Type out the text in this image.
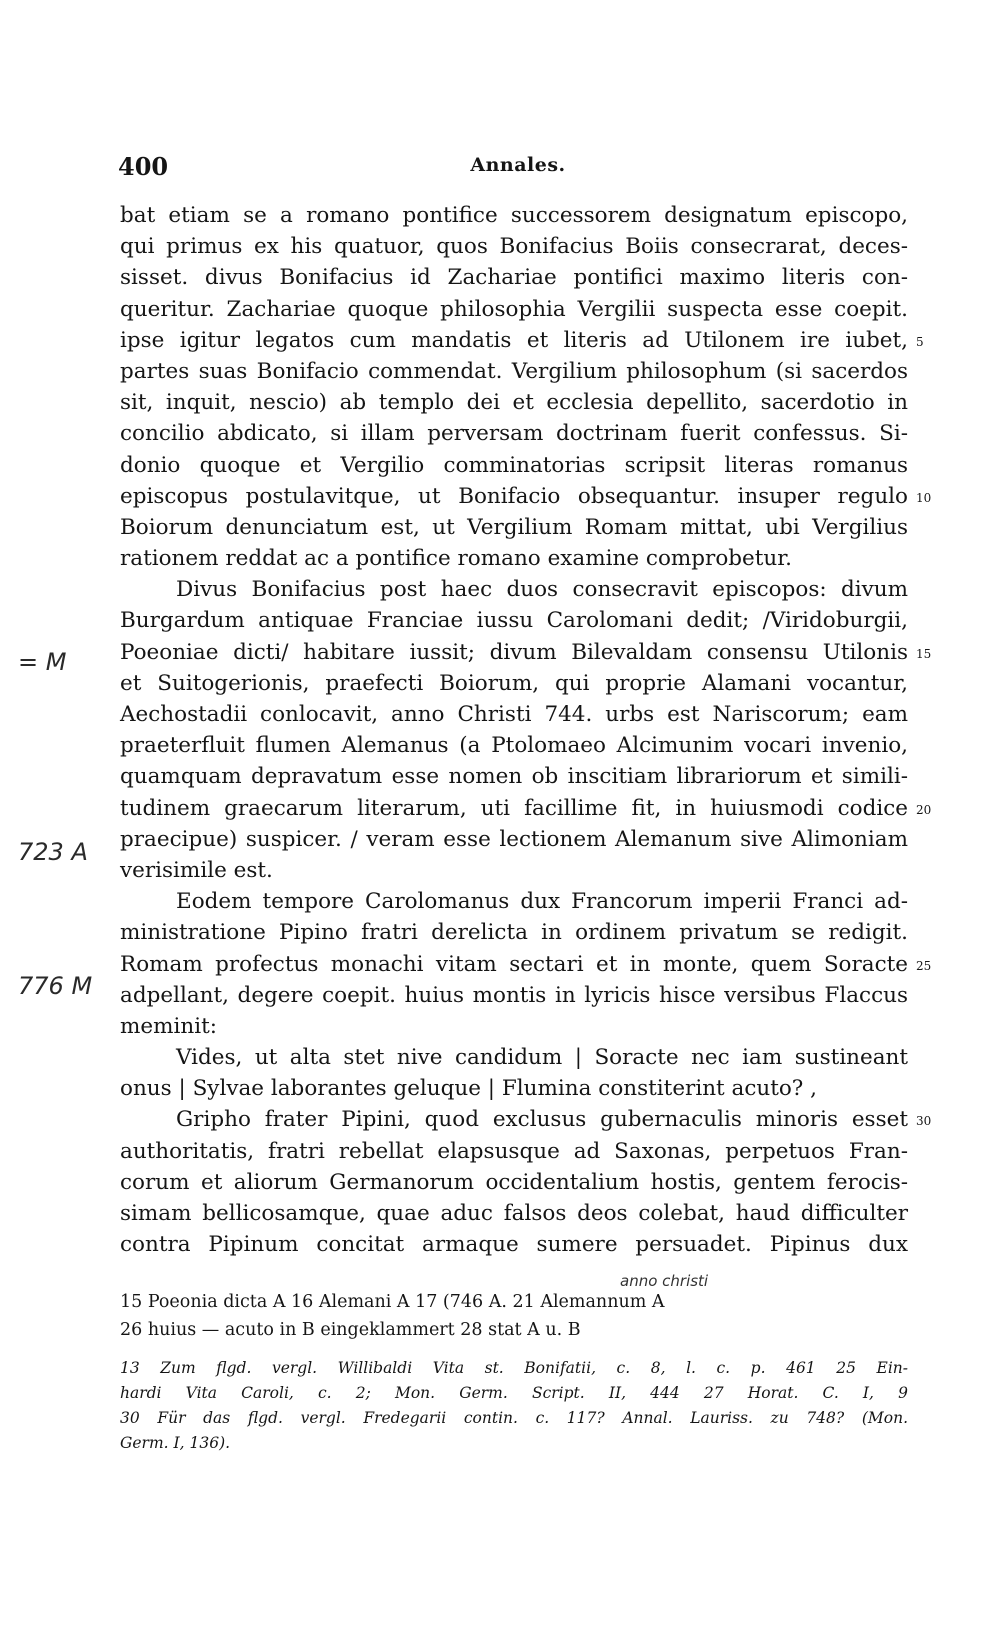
400	Annales.
bat etiam se a romano pontifice successorem designatum episcopo,
qui primus ex his quatuor, quos Bonifacius Boiis consecrarat, deces-
sisset. divus Bonifacius id Zachariae pontifici maximo literis con-
queritur. Zachariae quoque philosophia Vergilii suspecta esse coepit.
ipse igitur legatos cum mandatis et literis ad Utilonem ire iubet, 5
partes suas Bonifacio commendat. Vergilium philosophum (si sacerdos
sit, inquit, nescio) ab templo dei et ecclesia depellito, sacerdotio in
concilio abdicato, si illam perversam doctrinam fuerit confessus. Si-
donio quoque et Vergilio comminatorias scripsit literas romanus
episcopus postulavitque, ut Bonifacio obsequantur. insuper regulo 10
Boiorum denunciatum est, ut Vergilium Romam mittat, ubi Vergilius
rationem reddat ac a pontifice romano examine comprobetur.
Divus Bonifacius post haec duos consecravit episcopos: divum
Burgardum antiquae Franciae iussu Carolomani dedit; /Viridoburgii,
Poeoniae dicti/ habitare iussit; divum Bilevaldam consensu Utilonis 15
et Suitogerionis, praefecti Boiorum, qui proprie Alamani vocantur,
Aechostadii conlocavit, anno Christi 744. urbs est Nariscorum; eam
praeterfluit flumen Alemanus (a Ptolomaeo Alcimunim vocari invenio,
quamquam depravatum esse nomen ob inscitiam librariorum et simili-
tudinem graecarum literarum, uti facillime fit, in huiusmodi codice 20
praecipue) suspicer. / veram esse lectionem Alemanum sive Alimoniam
verisimile est.
Eodem tempore Carolomanus dux Francorum imperii Franci ad-
ministratione Pipino fratri derelicta in ordinem privatum se redigit.
Romam profectus monachi vitam sectari et in monte, quem Soracte 25
adpellant, degere coepit. huius montis in lyricis hisce versibus Flaccus
meminit:
Vides, ut alta stet nive candidum | Soracte nec iam sustineant
onus | Sylvae laborantes geluque | Flumina constiterint acuto? ,
Gripho frater Pipini, quod exclusus gubernaculis minoris esset 30
authoritatis, fratri rebellat elapsusque ad Saxonas, perpetuos Fran-
corum et aliorum Germanorum occidentalium hostis, gentem ferocis-
simam bellicosamque, quae aduc falsos deos colebat, haud difficulter
contra Pipinum concitat armaque sumere persuadet. Pipinus dux
= M
723 A
776 M
anno christi
15 Poeonia dicta A 16 Alemani A 17 (746 A. 21 Alemannum A
26 huius — acuto in B eingeklammert 28 stat A u. B
13 Zum flgd. vergl. Willibaldi Vita st. Bonifatii, c. 8, l. c. p. 461 25 Ein-
hardi Vita Caroli, c. 2; Mon. Germ. Script. II, 444 27 Horat. C. I, 9
30 Für das flgd. vergl. Fredegarii contin. c. 117? Annal. Lauriss. zu 748? (Mon.
Germ. I, 136).
